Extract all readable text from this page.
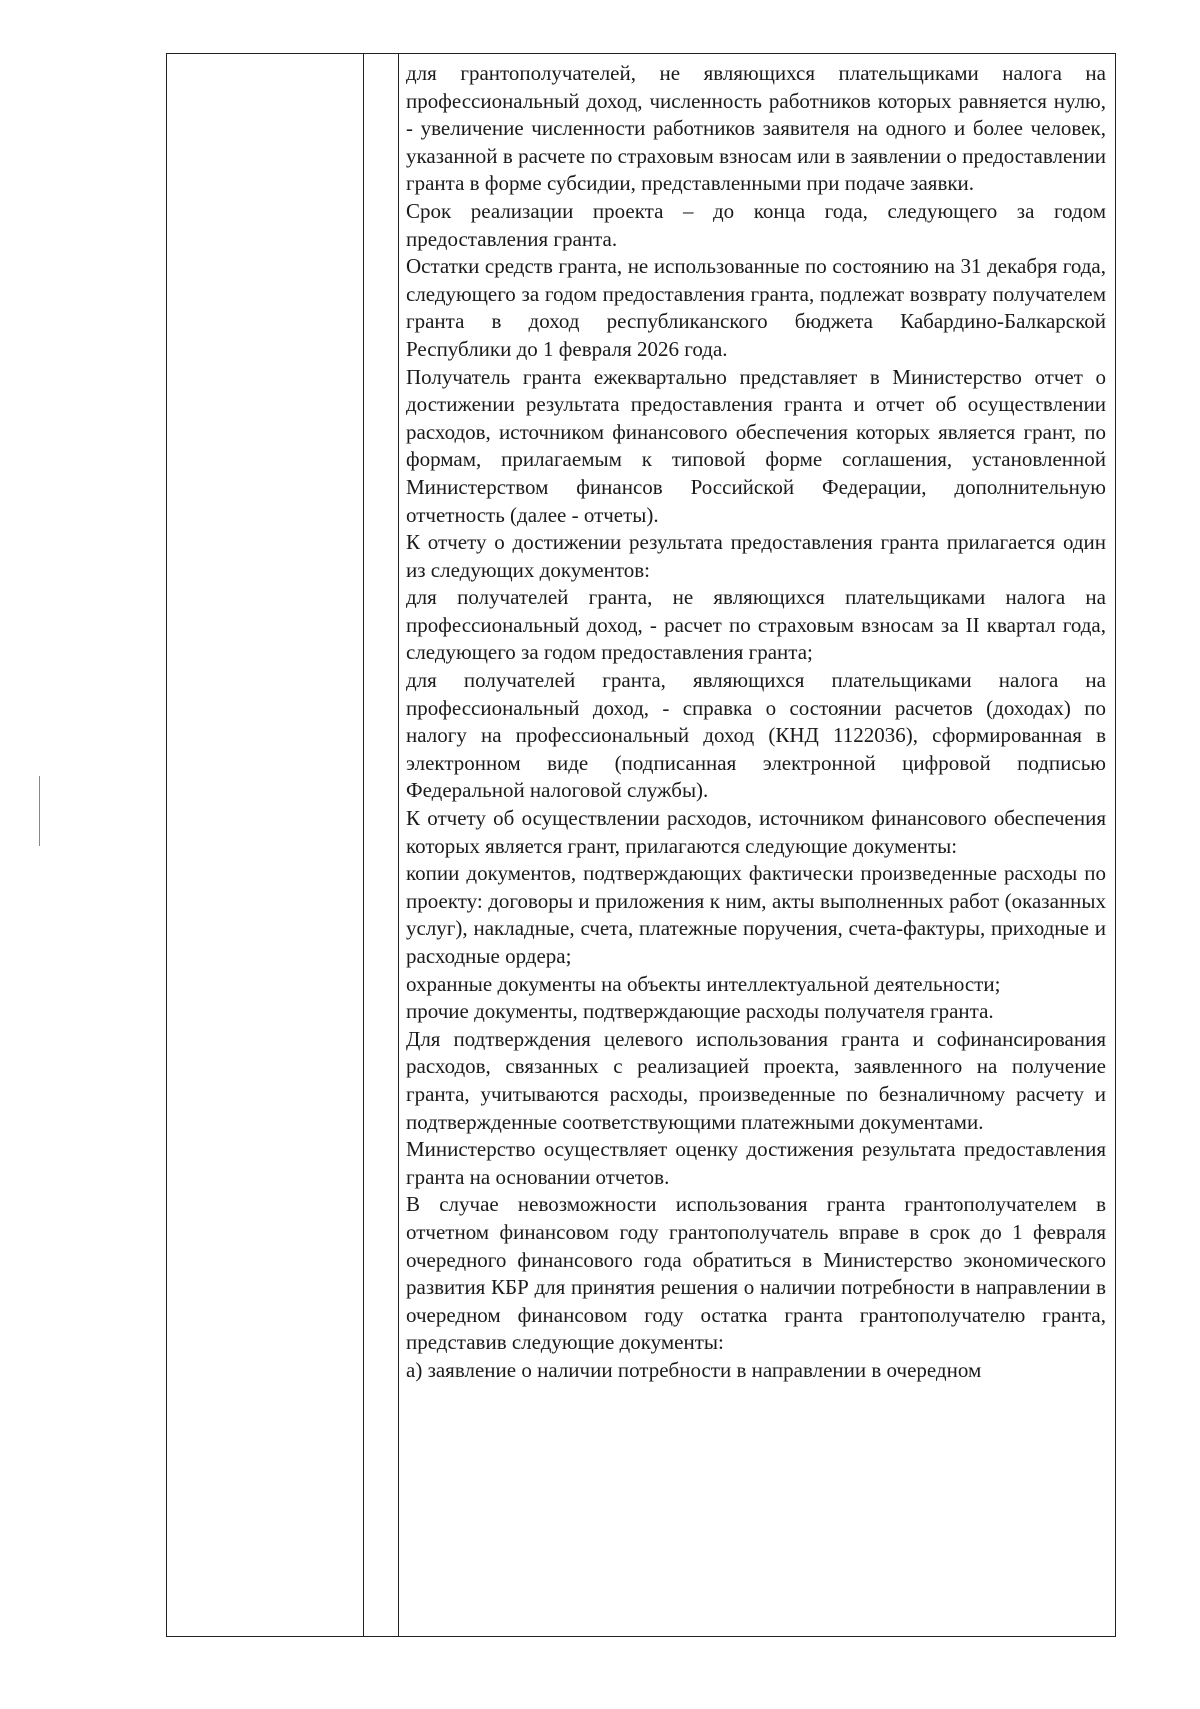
для грантополучателей, не являющихся плательщиками налога на профессиональный доход, численность работников которых равняется нулю, - увеличение численности работников заявителя на одного и более человек, указанной в расчете по страховым взносам или в заявлении о предоставлении гранта в форме субсидии, представленными при подаче заявки.

Срок реализации проекта – до конца года, следующего за годом предоставления гранта.

Остатки средств гранта, не использованные по состоянию на 31 декабря года, следующего за годом предоставления гранта, подлежат возврату получателем гранта в доход республиканского бюджета Кабардино-Балкарской Республики до 1 февраля 2026 года.

Получатель гранта ежеквартально представляет в Министерство отчет о достижении результата предоставления гранта и отчет об осуществлении расходов, источником финансового обеспечения которых является грант, по формам, прилагаемым к типовой форме соглашения, установленной Министерством финансов Российской Федерации, дополнительную отчетность (далее - отчеты).

К отчету о достижении результата предоставления гранта прилагается один из следующих документов:

для получателей гранта, не являющихся плательщиками налога на профессиональный доход, - расчет по страховым взносам за II квартал года, следующего за годом предоставления гранта;

для получателей гранта, являющихся плательщиками налога на профессиональный доход, - справка о состоянии расчетов (доходах) по налогу на профессиональный доход (КНД 1122036), сформированная в электронном виде (подписанная электронной цифровой подписью Федеральной налоговой службы).

К отчету об осуществлении расходов, источником финансового обеспечения которых является грант, прилагаются следующие документы:

копии документов, подтверждающих фактически произведенные расходы по проекту: договоры и приложения к ним, акты выполненных работ (оказанных услуг), накладные, счета, платежные поручения, счета-фактуры, приходные и расходные ордера;

охранные документы на объекты интеллектуальной деятельности;

прочие документы, подтверждающие расходы получателя гранта.

Для подтверждения целевого использования гранта и софинансирования расходов, связанных с реализацией проекта, заявленного на получение гранта, учитываются расходы, произведенные по безналичному расчету и подтвержденные соответствующими платежными документами.

Министерство осуществляет оценку достижения результата предоставления гранта на основании отчетов.

В случае невозможности использования гранта грантополучателем в отчетном финансовом году грантополучатель вправе в срок до 1 февраля очередного финансового года обратиться в Министерство экономического развития КБР для принятия решения о наличии потребности в направлении в очередном финансовом году остатка гранта грантополучателю гранта, представив следующие документы:

а) заявление о наличии потребности в направлении в очередном
